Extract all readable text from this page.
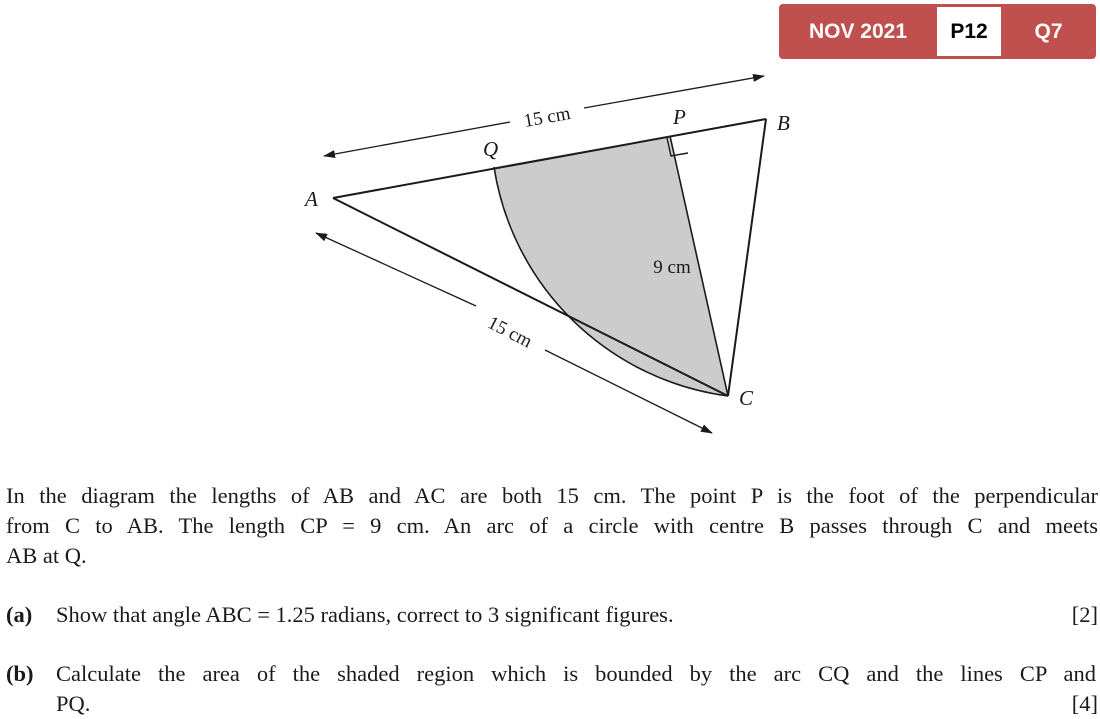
NOV 2021	P12	Q7
15 cm
15 cm
9 cm
A
B
C
P
Q
In the diagram the lengths of AB and AC are both 15 cm. The point P is the foot of the perpendicular
from C to AB. The length CP = 9 cm. An arc of a circle with centre B passes through C and meets
AB at Q.
(a) Show that angle ABC = 1.25 radians, correct to 3 significant figures.	[2]
(b) Calculate the area of the shaded region which is bounded by the arc CQ and the lines CP and
PQ.	[4]
